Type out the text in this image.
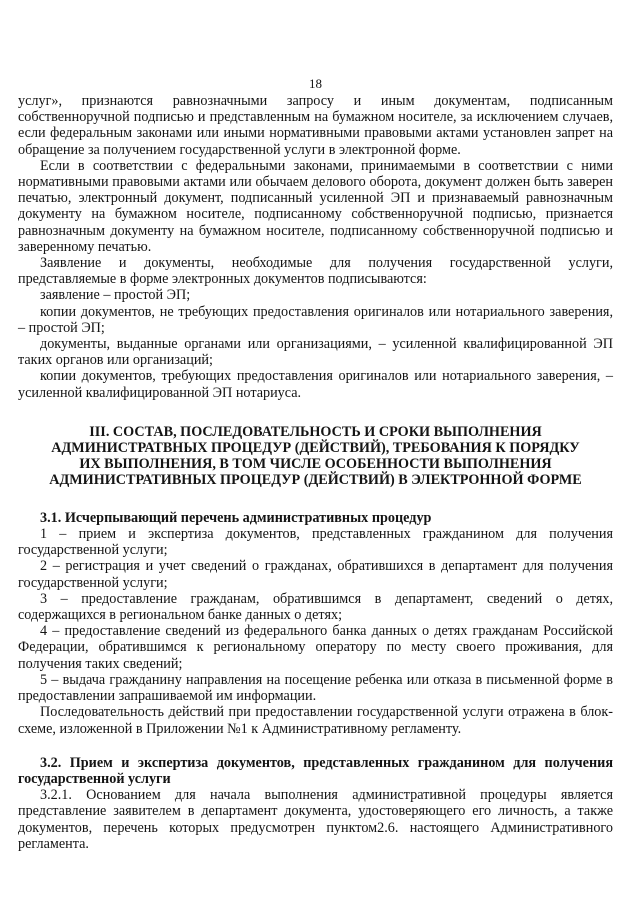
18

услуг», признаются равнозначными запросу и иным документам, подписанным собственноручной подписью и представленным на бумажном носителе, за исключением случаев, если федеральным законами или иными нормативными правовыми актами установлен запрет на обращение за получением государственной услуги в электронной форме.

Если в соответствии с федеральными законами, принимаемыми в соответствии с ними нормативными правовыми актами или обычаем делового оборота, документ должен быть заверен печатью, электронный документ, подписанный усиленной ЭП и признаваемый равнозначным документу на бумажном носителе, подписанному собственноручной подписью, признается равнозначным документу на бумажном носителе, подписанному собственноручной подписью и заверенному печатью.

Заявление и документы, необходимые для получения государственной услуги, представляемые в форме электронных документов подписываются:

заявление – простой ЭП;

копии документов, не требующих предоставления оригиналов или нотариального заверения, – простой ЭП;

документы, выданные органами или организациями, – усиленной квалифицированной ЭП таких органов или организаций;

копии документов, требующих предоставления оригиналов или нотариального заверения, – усиленной квалифицированной ЭП нотариуса.

III. СОСТАВ, ПОСЛЕДОВАТЕЛЬНОСТЬ И СРОКИ ВЫПОЛНЕНИЯ АДМИНИСТРАТВНЫХ ПРОЦЕДУР (ДЕЙСТВИЙ), ТРЕБОВАНИЯ К ПОРЯДКУ ИХ ВЫПОЛНЕНИЯ, В ТОМ ЧИСЛЕ ОСОБЕННОСТИ ВЫПОЛНЕНИЯ АДМИНИСТРАТИВНЫХ ПРОЦЕДУР (ДЕЙСТВИЙ) В ЭЛЕКТРОННОЙ ФОРМЕ

3.1. Исчерпывающий перечень административных процедур

1 – прием и экспертиза документов, представленных гражданином для получения государственной услуги;

2 – регистрация и учет сведений о гражданах, обратившихся в департамент для получения государственной услуги;

3 – предоставление гражданам, обратившимся в департамент, сведений о детях, содержащихся в региональном банке данных о детях;

4 – предоставление сведений из федерального банка данных о детях гражданам Российской Федерации, обратившимся к региональному оператору по месту своего проживания, для получения таких сведений;

5 – выдача гражданину направления на посещение ребенка или отказа в письменной форме в предоставлении запрашиваемой им информации.

Последовательность действий при предоставлении государственной услуги отражена в блок-схеме, изложенной в Приложении №1 к Административному регламенту.

3.2. Прием и экспертиза документов, представленных гражданином для получения государственной услуги

3.2.1. Основанием для начала выполнения административной процедуры является представление заявителем в департамент документа, удостоверяющего его личность, а также документов, перечень которых предусмотрен пунктом2.6. настоящего Административного регламента.
